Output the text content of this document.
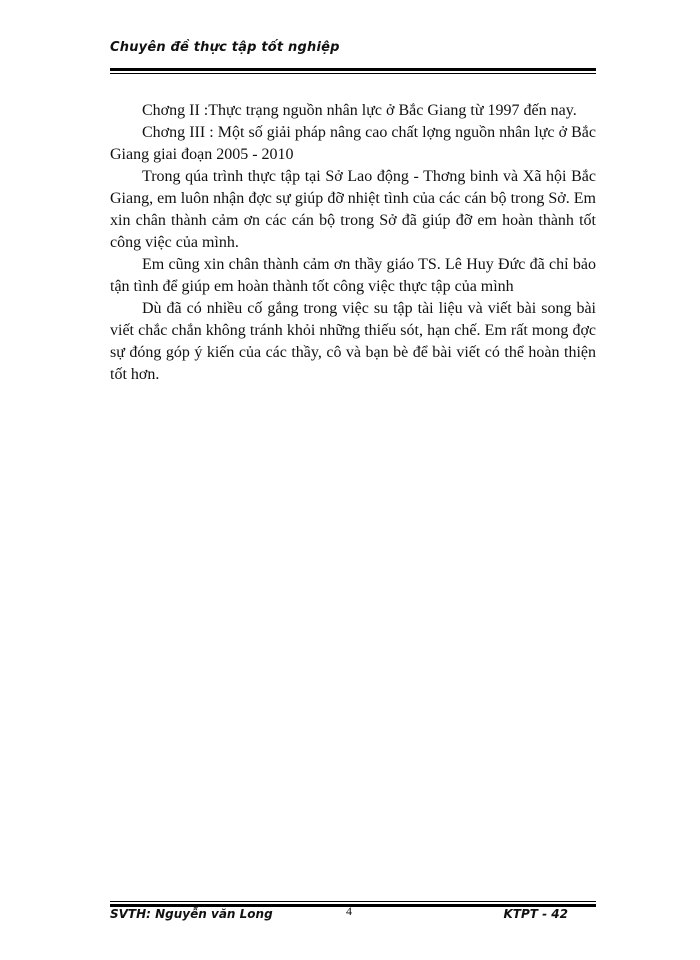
Chuyên đề thực tập tốt nghiệp

Chơng II :Thực trạng nguồn nhân lực ở Bắc Giang từ 1997 đến nay.

Chơng III : Một số giải pháp nâng cao chất lợng nguồn nhân lực ở Bắc Giang giai đoạn 2005 - 2010

Trong qúa trình thực tập tại Sở Lao động - Thơng binh và Xã hội Bắc Giang, em luôn nhận đợc sự giúp đỡ nhiệt tình của các cán bộ trong Sở. Em xin chân thành cảm ơn các cán bộ trong Sở đã giúp đỡ em hoàn thành tốt công việc của mình.

Em cũng xin chân thành cảm ơn thầy giáo TS. Lê Huy Đức đã chỉ bảo tận tình để giúp em hoàn thành tốt công việc thực tập của mình

Dù đã có nhiều cố gắng trong việc su tập tài liệu và viết bài song bài viết chắc chắn không tránh khỏi những thiếu sót, hạn chế. Em rất mong đợc sự đóng góp ý kiến của các thầy, cô và bạn bè để bài viết có thể hoàn thiện tốt hơn.

SVTH: Nguyễn văn Long	4	KTPT - 42
